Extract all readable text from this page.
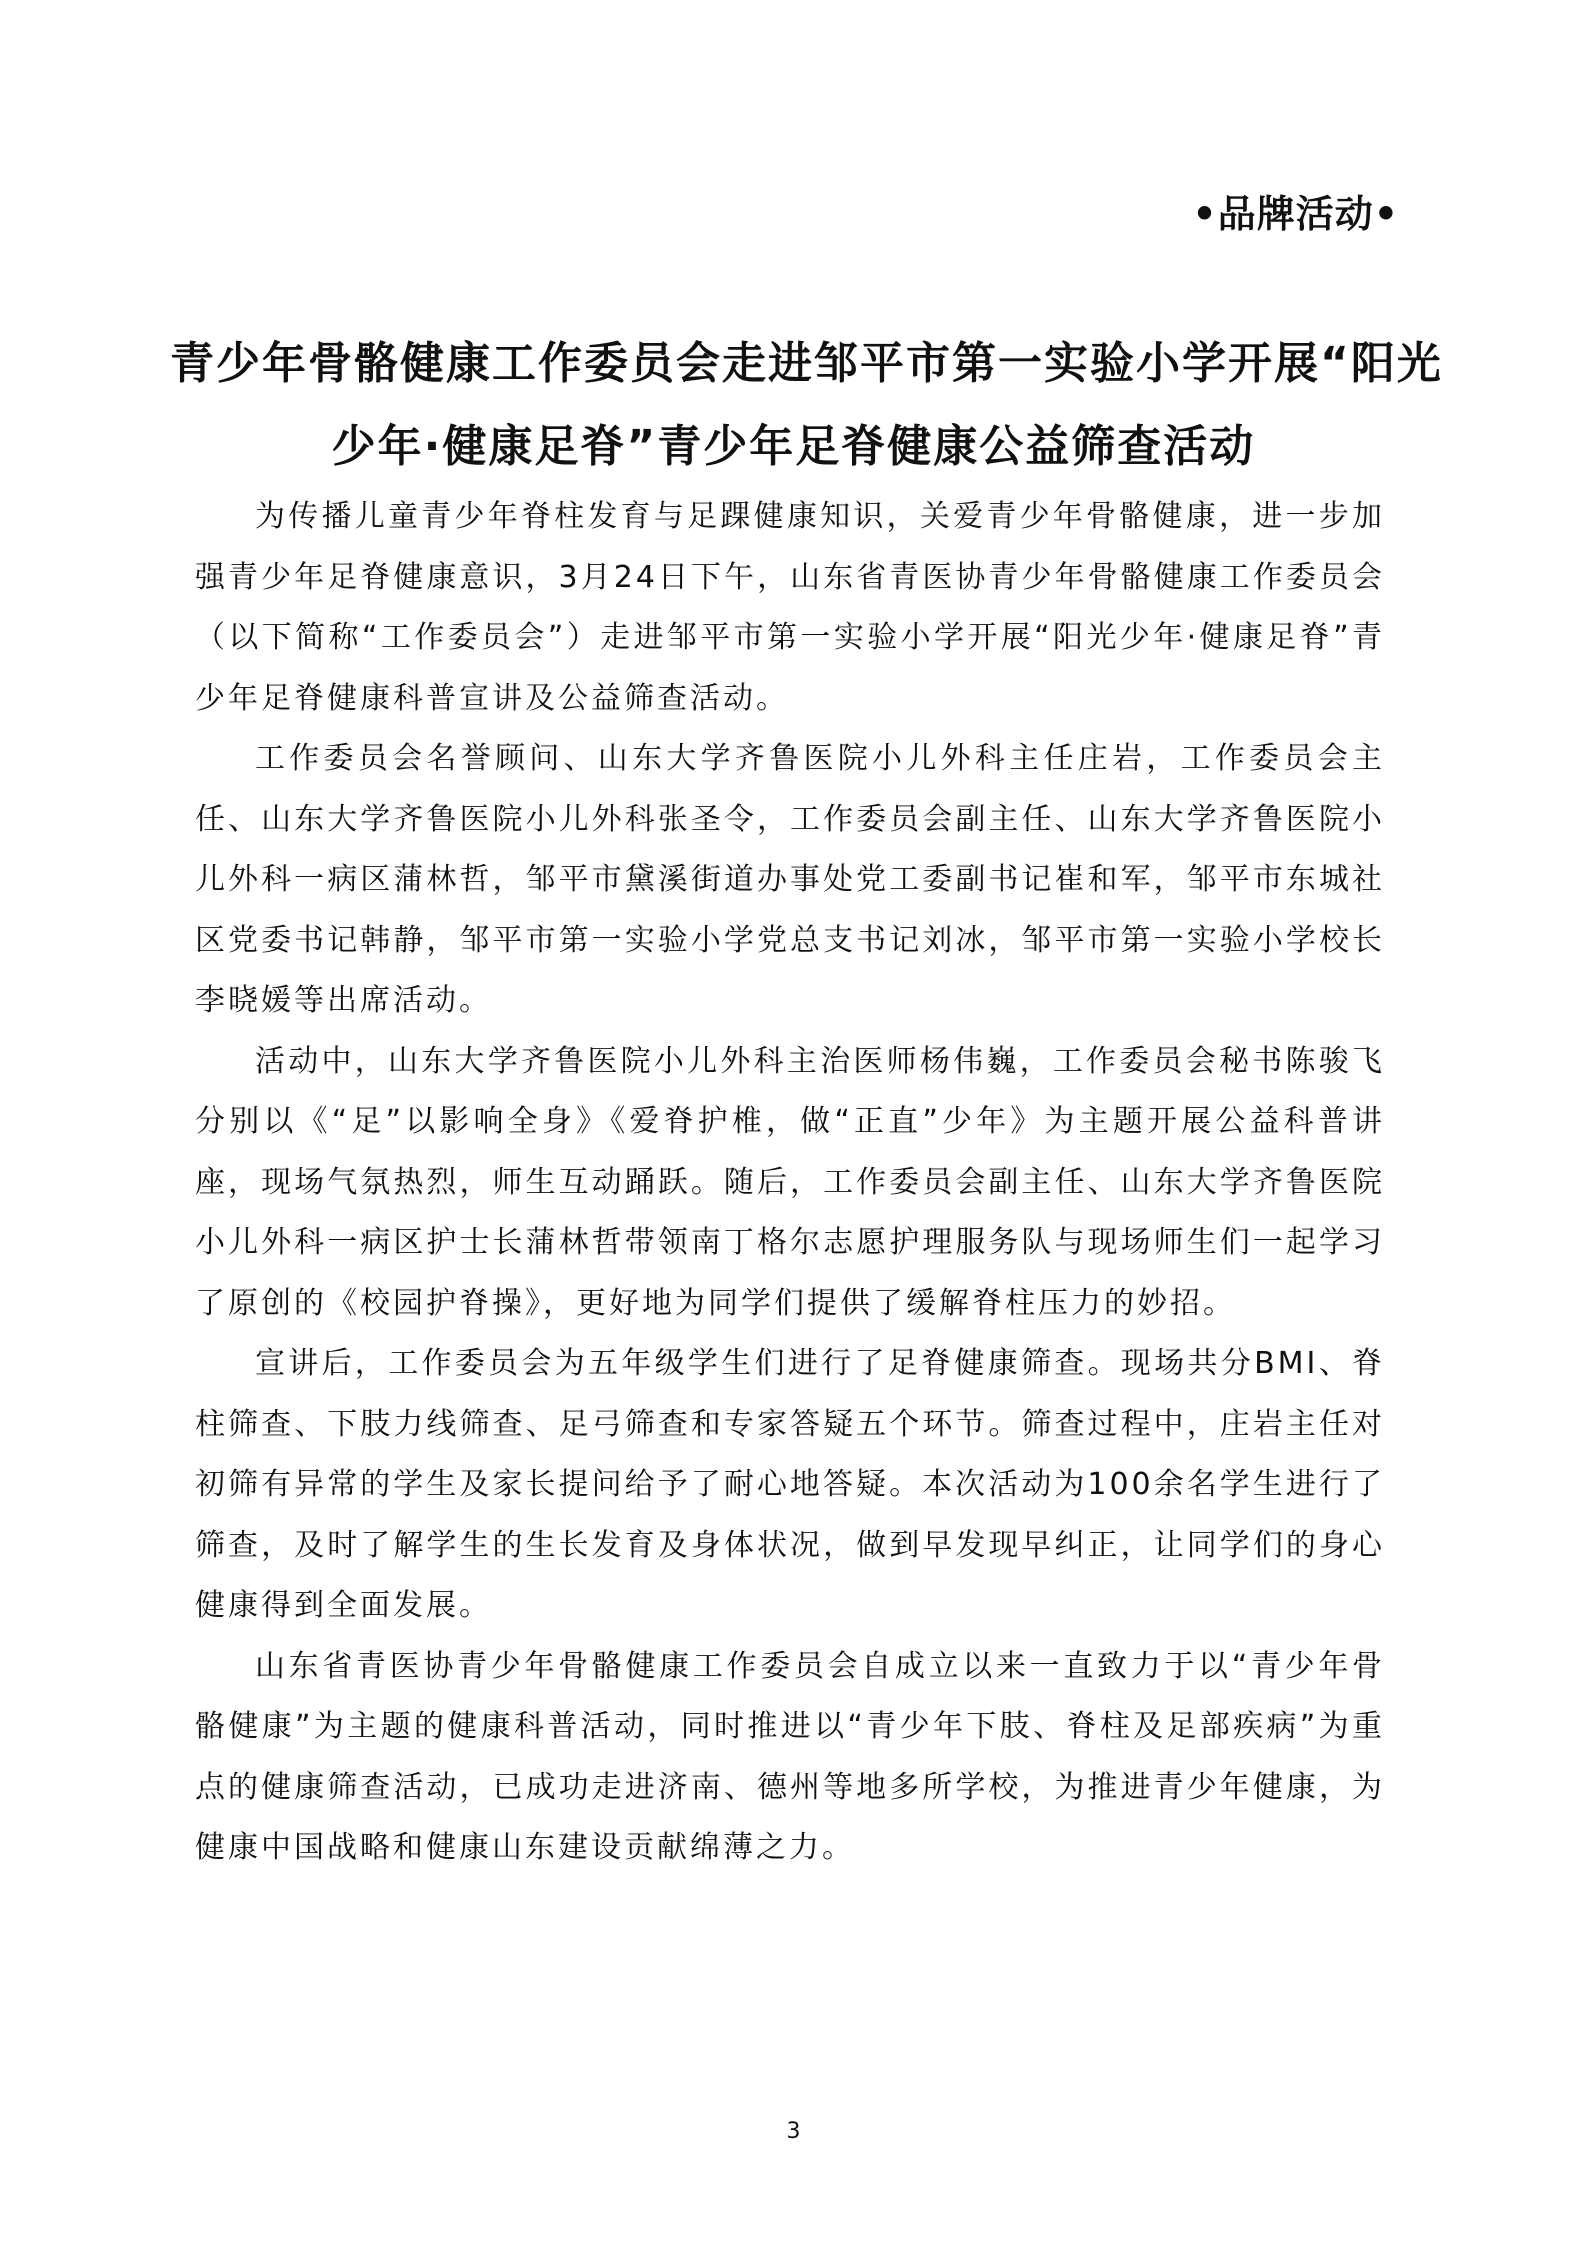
•品牌活动•
青少年骨骼健康工作委员会走进邹平市第一实验小学开展“阳光
少年·健康足脊”青少年足脊健康公益筛查活动

为传播儿童青少年脊柱发育与足踝健康知识，关爱青少年骨骼健康，进一步加强青少年足脊健康意识，3月24日下午，山东省青医协青少年骨骼健康工作委员会（以下简称“工作委员会”）走进邹平市第一实验小学开展“阳光少年·健康足脊”青少年足脊健康科普宣讲及公益筛查活动。

工作委员会名誉顾问、山东大学齐鲁医院小儿外科主任庄岩，工作委员会主任、山东大学齐鲁医院小儿外科张圣令，工作委员会副主任、山东大学齐鲁医院小儿外科一病区蒲林哲，邹平市黛溪街道办事处党工委副书记崔和军，邹平市东城社区党委书记韩静，邹平市第一实验小学党总支书记刘冰，邹平市第一实验小学校长李晓媛等出席活动。

活动中，山东大学齐鲁医院小儿外科主治医师杨伟巍，工作委员会秘书陈骏飞分别以《“足”以影响全身》《爱脊护椎，做“正直”少年》为主题开展公益科普讲座，现场气氛热烈，师生互动踊跃。随后，工作委员会副主任、山东大学齐鲁医院小儿外科一病区护士长蒲林哲带领南丁格尔志愿护理服务队与现场师生们一起学习了原创的《校园护脊操》，更好地为同学们提供了缓解脊柱压力的妙招。

宣讲后，工作委员会为五年级学生们进行了足脊健康筛查。现场共分BMI、脊柱筛查、下肢力线筛查、足弓筛查和专家答疑五个环节。筛查过程中，庄岩主任对初筛有异常的学生及家长提问给予了耐心地答疑。本次活动为100余名学生进行了筛查，及时了解学生的生长发育及身体状况，做到早发现早纠正，让同学们的身心健康得到全面发展。

山东省青医协青少年骨骼健康工作委员会自成立以来一直致力于以“青少年骨骼健康”为主题的健康科普活动，同时推进以“青少年下肢、脊柱及足部疾病”为重点的健康筛查活动，已成功走进济南、德州等地多所学校，为推进青少年健康，为健康中国战略和健康山东建设贡献绵薄之力。

3
